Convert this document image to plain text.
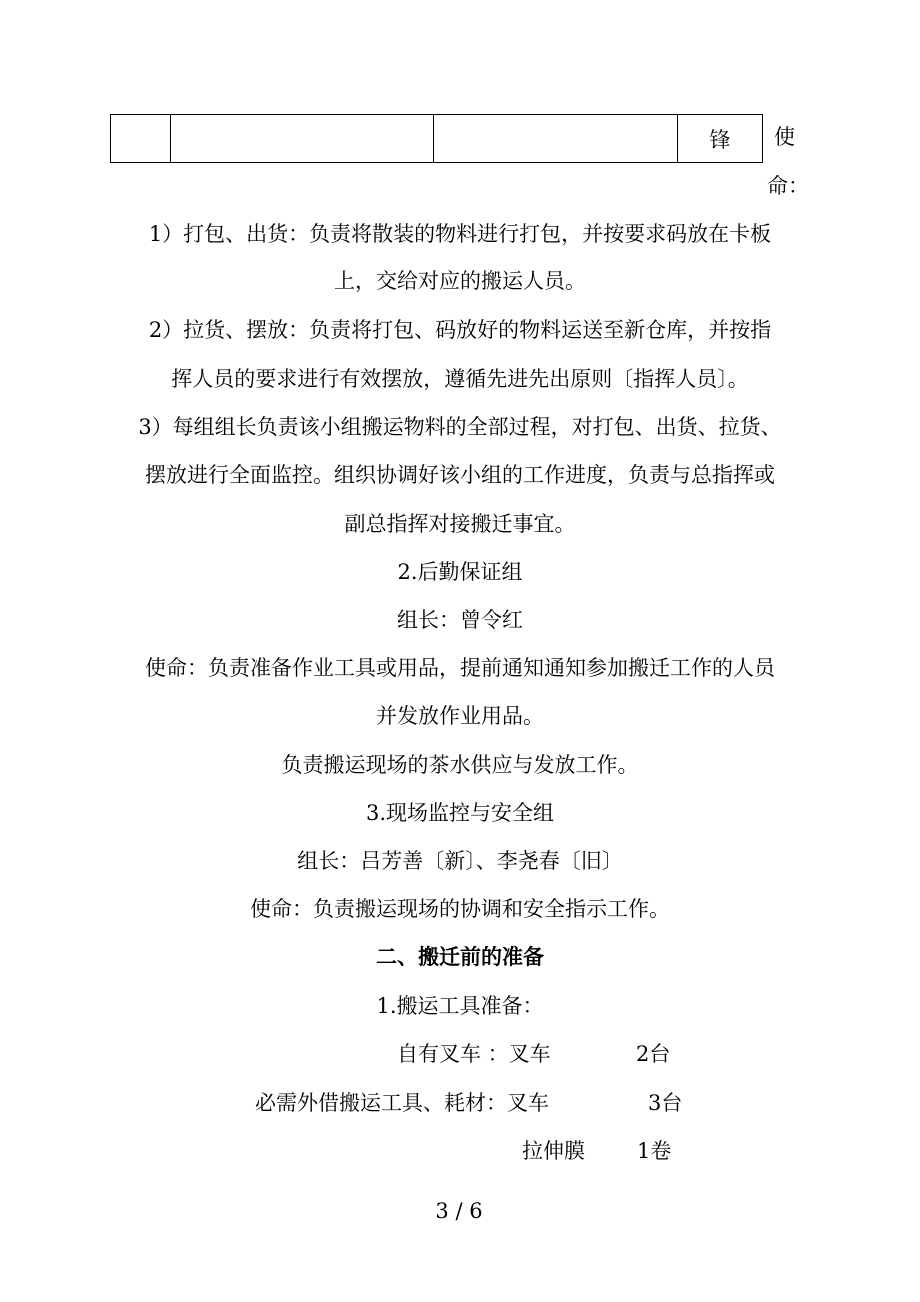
			锋 使
命：
1）打包、出货：负责将散装的物料进行打包，并按要求码放在卡板
上，交给对应的搬运人员。
2）拉货、摆放：负责将打包、码放好的物料运送至新仓库，并按指
挥人员的要求进行有效摆放，遵循先进先出原则〔指挥人员〕。
3）每组组长负责该小组搬运物料的全部过程，对打包、出货、拉货、
摆放进行全面监控。组织协调好该小组的工作进度，负责与总指挥或
副总指挥对接搬迁事宜。
2.后勤保证组
组长：曾令红
使命：负责准备作业工具或用品，提前通知通知参加搬迁工作的人员
并发放作业用品。
负责搬运现场的茶水供应与发放工作。
3.现场监控与安全组
组长：吕芳善〔新〕、李尧春〔旧〕
使命：负责搬运现场的协调和安全指示工作。
二、搬迁前的准备
1.搬运工具准备：
自有叉车 ：叉车	2台
必需外借搬运工具、耗材：叉车	3台
拉伸膜 1卷
3 / 6
